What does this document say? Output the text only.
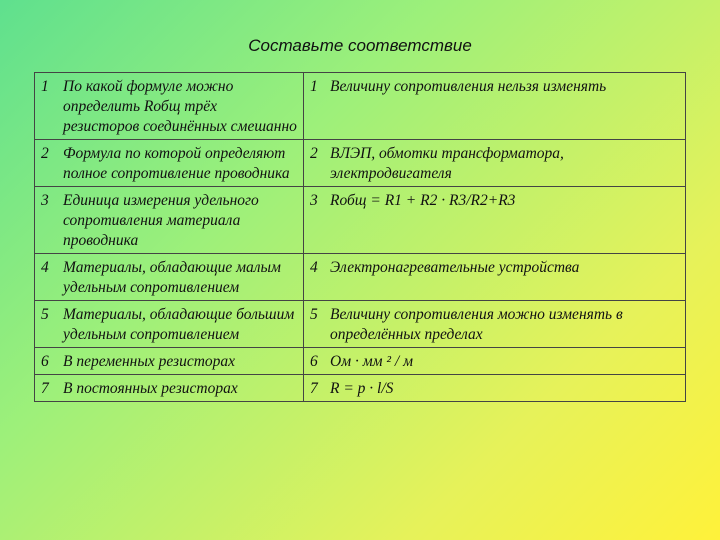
Составьте соответствие
1 По какой формуле можно определить Rобщ трёх резисторов соединённых смешанно	1 Величину сопротивления нельзя изменять

2 Формула по которой определяют полное сопротивление проводника	2 ВЛЭП, обмотки трансформатора, электродвигателя

3 Единица измерения удельного сопротивления материала проводника	3 Rобщ = R1 + R2 · R3/R2+R3

4 Материалы, обладающие малым удельным сопротивлением	4 Электронагревательные устройства

5 Материалы, обладающие большим удельным сопротивлением	5 Величину сопротивления можно изменять в определённых пределах

6 В переменных резисторах	6 Ом · мм ² / м

7 В постоянных резисторах	7 R = p · l/S
